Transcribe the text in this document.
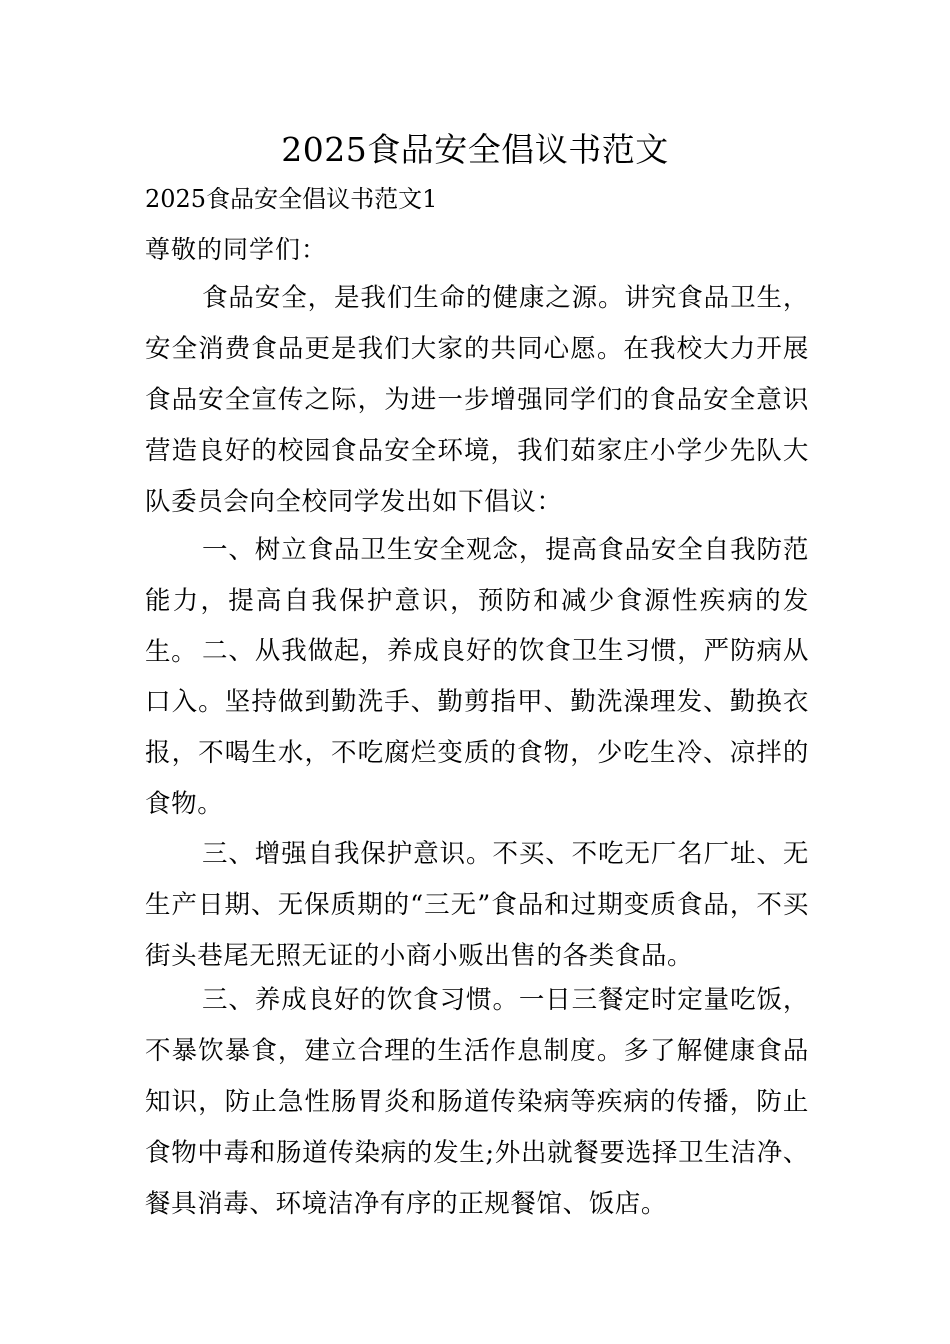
2025食品安全倡议书范文

2025食品安全倡议书范文1

尊敬的同学们：

食品安全，是我们生命的健康之源。讲究食品卫生，安全消费食品更是我们大家的共同心愿。在我校大力开展食品安全宣传之际，为进一步增强同学们的食品安全意识营造良好的校园食品安全环境，我们茹家庄小学少先队大队委员会向全校同学发出如下倡议：

一、树立食品卫生安全观念，提高食品安全自我防范能力，提高自我保护意识，预防和减少食源性疾病的发生。 二、从我做起，养成良好的饮食卫生习惯，严防病从口入。坚持做到勤洗手、勤剪指甲、勤洗澡理发、勤换衣报，不喝生水，不吃腐烂变质的食物，少吃生冷、凉拌的食物。

三、增强自我保护意识。不买、不吃无厂名厂址、无生产日期、无保质期的“三无”食品和过期变质食品，不买街头巷尾无照无证的小商小贩出售的各类食品。

三、养成良好的饮食习惯。一日三餐定时定量吃饭，不暴饮暴食，建立合理的生活作息制度。多了解健康食品知识，防止急性肠胃炎和肠道传染病等疾病的传播，防止食物中毒和肠道传染病的发生;外出就餐要选择卫生洁净、餐具消毒、环境洁净有序的正规餐馆、饭店。
